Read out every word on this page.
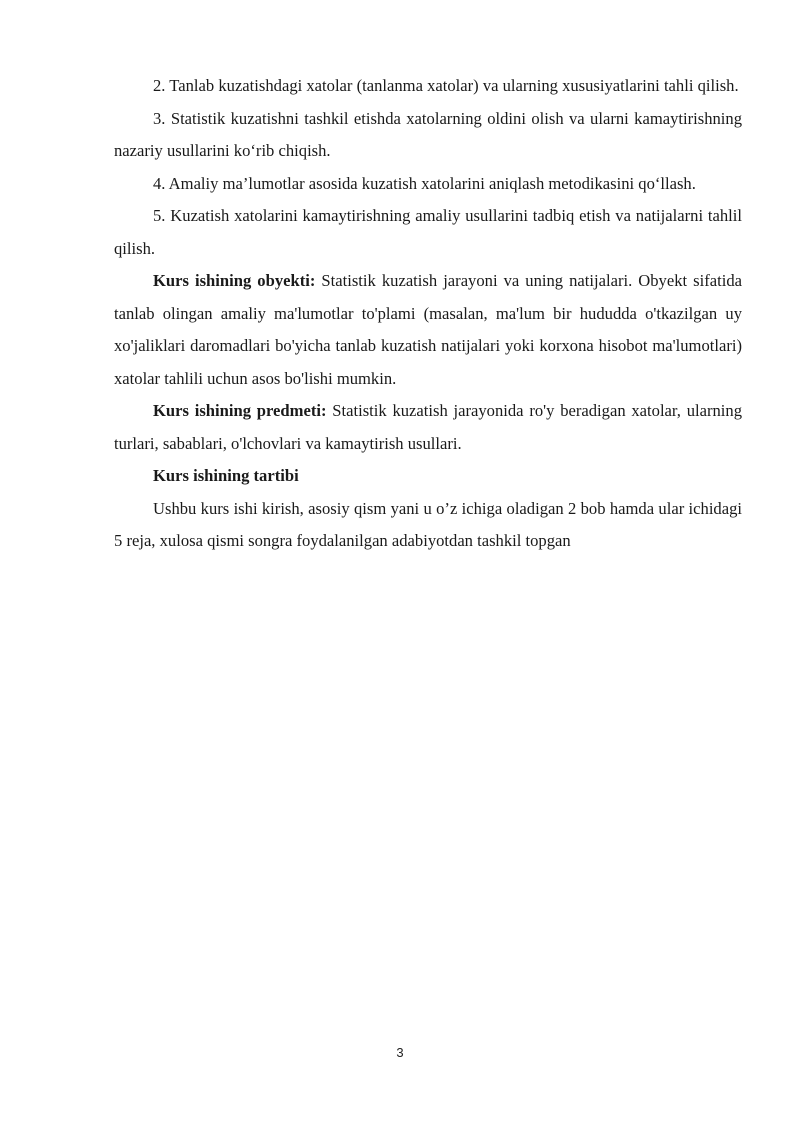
2. Tanlab kuzatishdagi xatolar (tanlanma xatolar) va ularning xususiyatlarini tahli qilish.

3. Statistik kuzatishni tashkil etishda xatolarning oldini olish va ularni kamaytirishning nazariy usullarini ko‘rib chiqish.

4. Amaliy ma’lumotlar asosida kuzatish xatolarini aniqlash metodikasini qo‘llash.

5. Kuzatish xatolarini kamaytirishning amaliy usullarini tadbiq etish va natijalarni tahlil qilish.

Kurs ishining obyekti: Statistik kuzatish jarayoni va uning natijalari. Obyekt sifatida tanlab olingan amaliy ma'lumotlar to'plami (masalan, ma'lum bir hududda o'tkazilgan uy xo'jaliklari daromadlari bo'yicha tanlab kuzatish natijalari yoki korxona hisobot ma'lumotlari) xatolar tahlili uchun asos bo'lishi mumkin.

Kurs ishining predmeti: Statistik kuzatish jarayonida ro'y beradigan xatolar, ularning turlari, sabablari, o'lchovlari va kamaytirish usullari.

Kurs ishining tartibi

Ushbu kurs ishi kirish, asosiy qism yani u o’z ichiga oladigan 2 bob hamda ular ichidagi 5 reja, xulosa qismi songra foydalanilgan adabiyotdan tashkil topgan

3
